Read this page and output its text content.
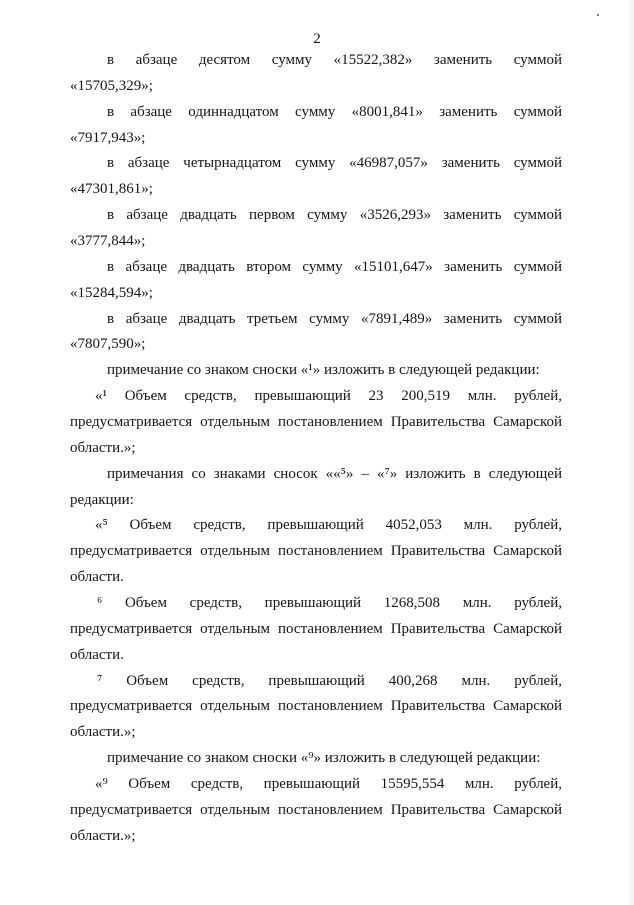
2
в абзаце десятом сумму «15522,382» заменить суммой
«15705,329»;
в абзаце одиннадцатом сумму «8001,841» заменить суммой
«7917,943»;
в абзаце четырнадцатом сумму «46987,057» заменить суммой
«47301,861»;
в абзаце двадцать первом сумму «3526,293» заменить суммой
«3777,844»;
в абзаце двадцать втором сумму «15101,647» заменить суммой
«15284,594»;
в абзаце двадцать третьем сумму «7891,489» заменить суммой
«7807,590»;
примечание со знаком сноски «¹» изложить в следующей редакции:
«¹ Объем средств, превышающий 23 200,519 млн. рублей,
предусматривается отдельным постановлением Правительства Самарской
области.»;
примечания со знаками сносок ««⁵» – «⁷» изложить в следующей
редакции:
«⁵ Объем средств, превышающий 4052,053 млн. рублей,
предусматривается отдельным постановлением Правительства Самарской
области.
⁶ Объем средств, превышающий 1268,508 млн. рублей,
предусматривается отдельным постановлением Правительства Самарской
области.
⁷ Объем средств, превышающий 400,268 млн. рублей,
предусматривается отдельным постановлением Правительства Самарской
области.»;
примечание со знаком сноски «⁹» изложить в следующей редакции:
«⁹ Объем средств, превышающий 15595,554 млн. рублей,
предусматривается отдельным постановлением Правительства Самарской
области.»;
